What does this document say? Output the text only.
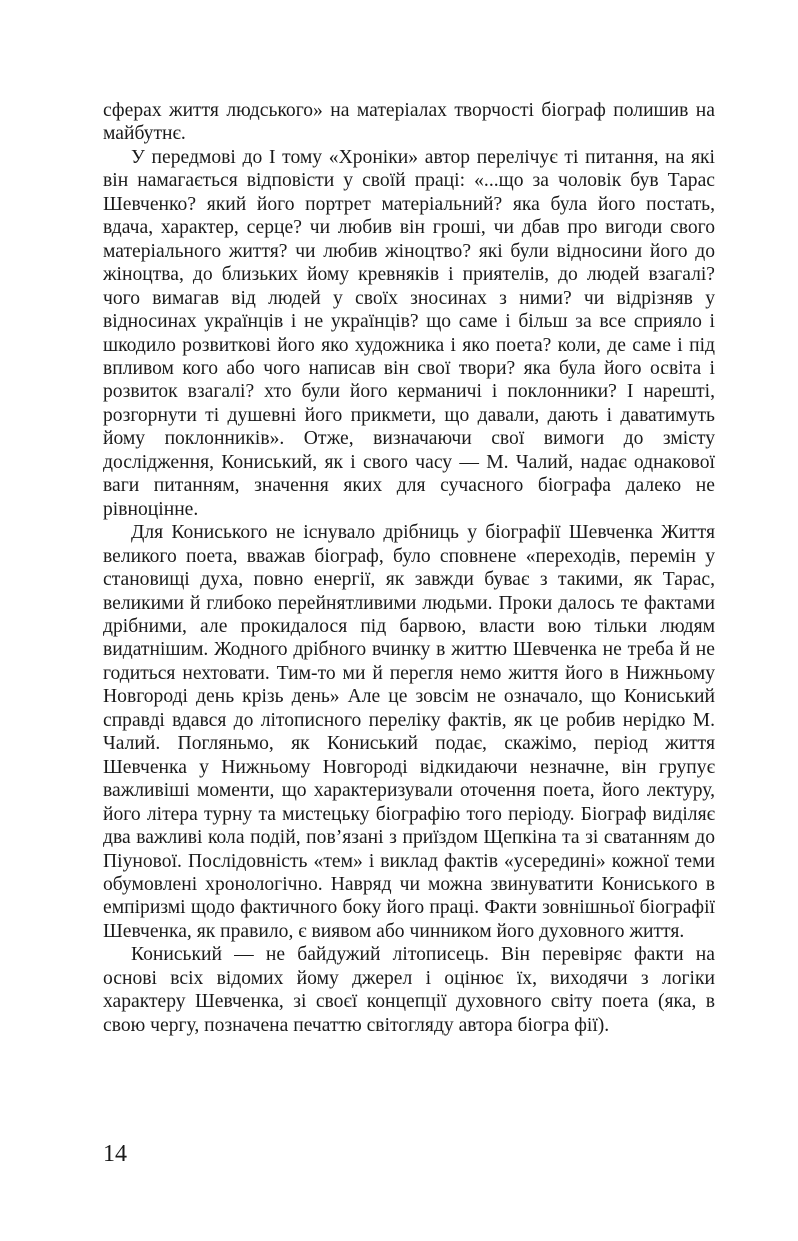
сферах життя людського» на матеріалах творчості біограф полишив на майбутнє.

У передмові до І тому «Хроніки» автор перелічує ті питання, на які він намагається відповісти у своїй праці: «...що за чоловік був Тарас Шевченко? який його портрет матеріальний? яка була його постать, вдача, характер, серце? чи любив він гроші, чи дбав про вигоди свого матеріального життя? чи любив жіноцтво? які були відносини його до жіноцтва, до близьких йому кревняків і приятелів, до людей взагалі? чого вимагав від людей у своїх зносинах з ними? чи відрізняв у відносинах українців і не українців? що саме і більш за все сприяло і шкодило розвиткові його яко художника і яко поета? коли, де саме і під впливом кого або чого написав він свої твори? яка була його освіта і розвиток взагалі? хто були його керманичі і поклонники? І нарешті, розгорнути ті душевні його прикмети, що давали, дають і даватимуть йому поклонників». Отже, визначаючи свої вимоги до змісту дослідження, Кониський, як і свого часу — М. Чалий, надає однакової ваги питанням, значення яких для сучасного біографа далеко не рівноцінне.

Для Кониського не існувало дрібниць у біографії Шевченка Життя великого поета, вважав біограф, було сповнене «переходів, перемін у становищі духа, повно енергії, як завжди буває з такими, як Тарас, великими й глибоко перейнятливими людьми. Проки далось те фактами дрібними, але прокидалося під барвою, власти вою тільки людям видатнішим. Жодного дрібного вчинку в життю Шевченка не треба й не годиться нехтовати. Тим-то ми й перегля немо життя його в Нижньому Новгороді день крізь день» Але це зовсім не означало, що Кониський справді вдався до літописного переліку фактів, як це робив нерідко М. Чалий. Погляньмо, як Кониський подає, скажімо, період життя Шевченка у Нижньому Новгороді відкидаючи незначне, він групує важливіші моменти, що характеризували оточення поета, його лектуру, його літера турну та мистецьку біографію того періоду. Біограф виділяє два важливі кола подій, пов’язані з приїздом Щепкіна та зі сватанням до Піунової. Послідовність «тем» і виклад фактів «усередині» кожної теми обумовлені хронологічно. Навряд чи можна звинуватити Кониського в емпіризмі щодо фактичного боку його праці. Факти зовнішньої біографії Шевченка, як правило, є виявом або чинником його духовного життя.

Кониський — не байдужий літописець. Він перевіряє факти на основі всіх відомих йому джерел і оцінює їх, виходячи з логіки характеру Шевченка, зі своєї концепції духовного світу поета (яка, в свою чергу, позначена печаттю світогляду автора біогра фії).

14
